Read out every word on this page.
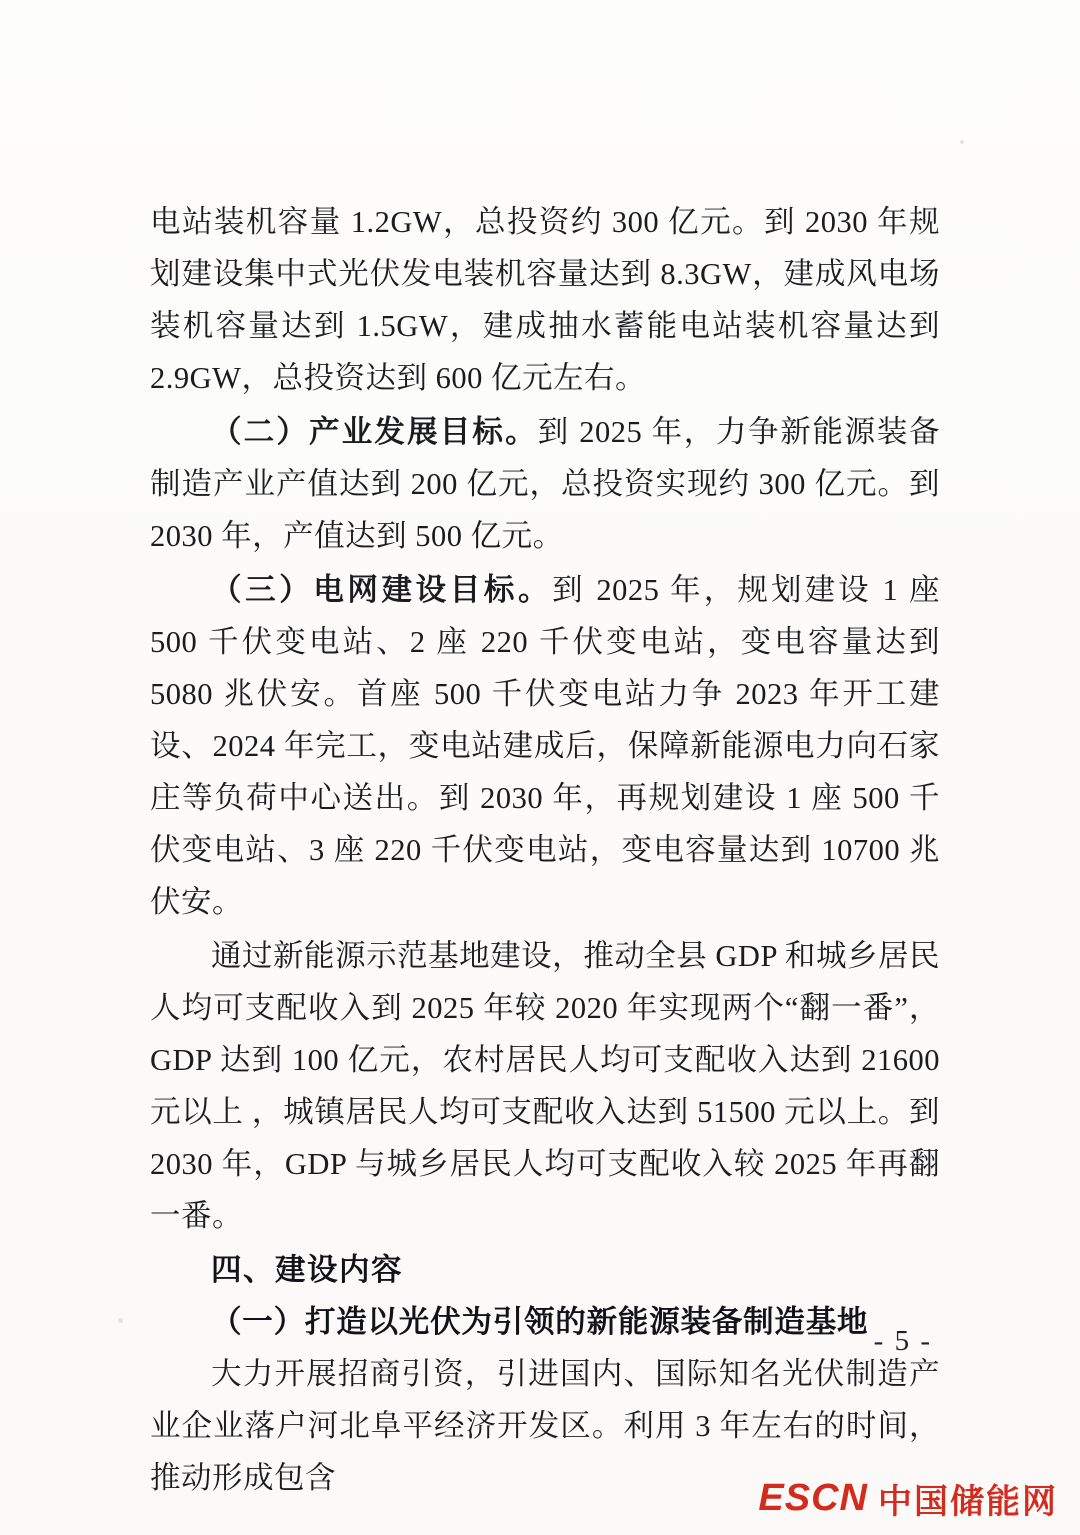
电站装机容量 1.2GW，总投资约 300 亿元。到 2030 年规划建设集中式光伏发电装机容量达到 8.3GW，建成风电场装机容量达到 1.5GW，建成抽水蓄能电站装机容量达到 2.9GW，总投资达到 600 亿元左右。

（二）产业发展目标。到 2025 年，力争新能源装备制造产业产值达到 200 亿元，总投资实现约 300 亿元。到 2030 年，产值达到 500 亿元。

（三）电网建设目标。到 2025 年，规划建设 1 座 500 千伏变电站、2 座 220 千伏变电站，变电容量达到 5080 兆伏安。首座 500 千伏变电站力争 2023 年开工建设、2024 年完工，变电站建成后，保障新能源电力向石家庄等负荷中心送出。到 2030 年，再规划建设 1 座 500 千伏变电站、3 座 220 千伏变电站，变电容量达到 10700 兆伏安。

通过新能源示范基地建设，推动全县 GDP 和城乡居民人均可支配收入到 2025 年较 2020 年实现两个“翻一番”，GDP 达到 100 亿元，农村居民人均可支配收入达到 21600 元以上 ，城镇居民人均可支配收入达到 51500 元以上。到 2030 年，GDP 与城乡居民人均可支配收入较 2025 年再翻一番。

四、建设内容

（一）打造以光伏为引领的新能源装备制造基地

大力开展招商引资，引进国内、国际知名光伏制造产业企业落户河北阜平经济开发区。利用 3 年左右的时间，推动形成包含

- 5 -
ESCN 中国储能网
